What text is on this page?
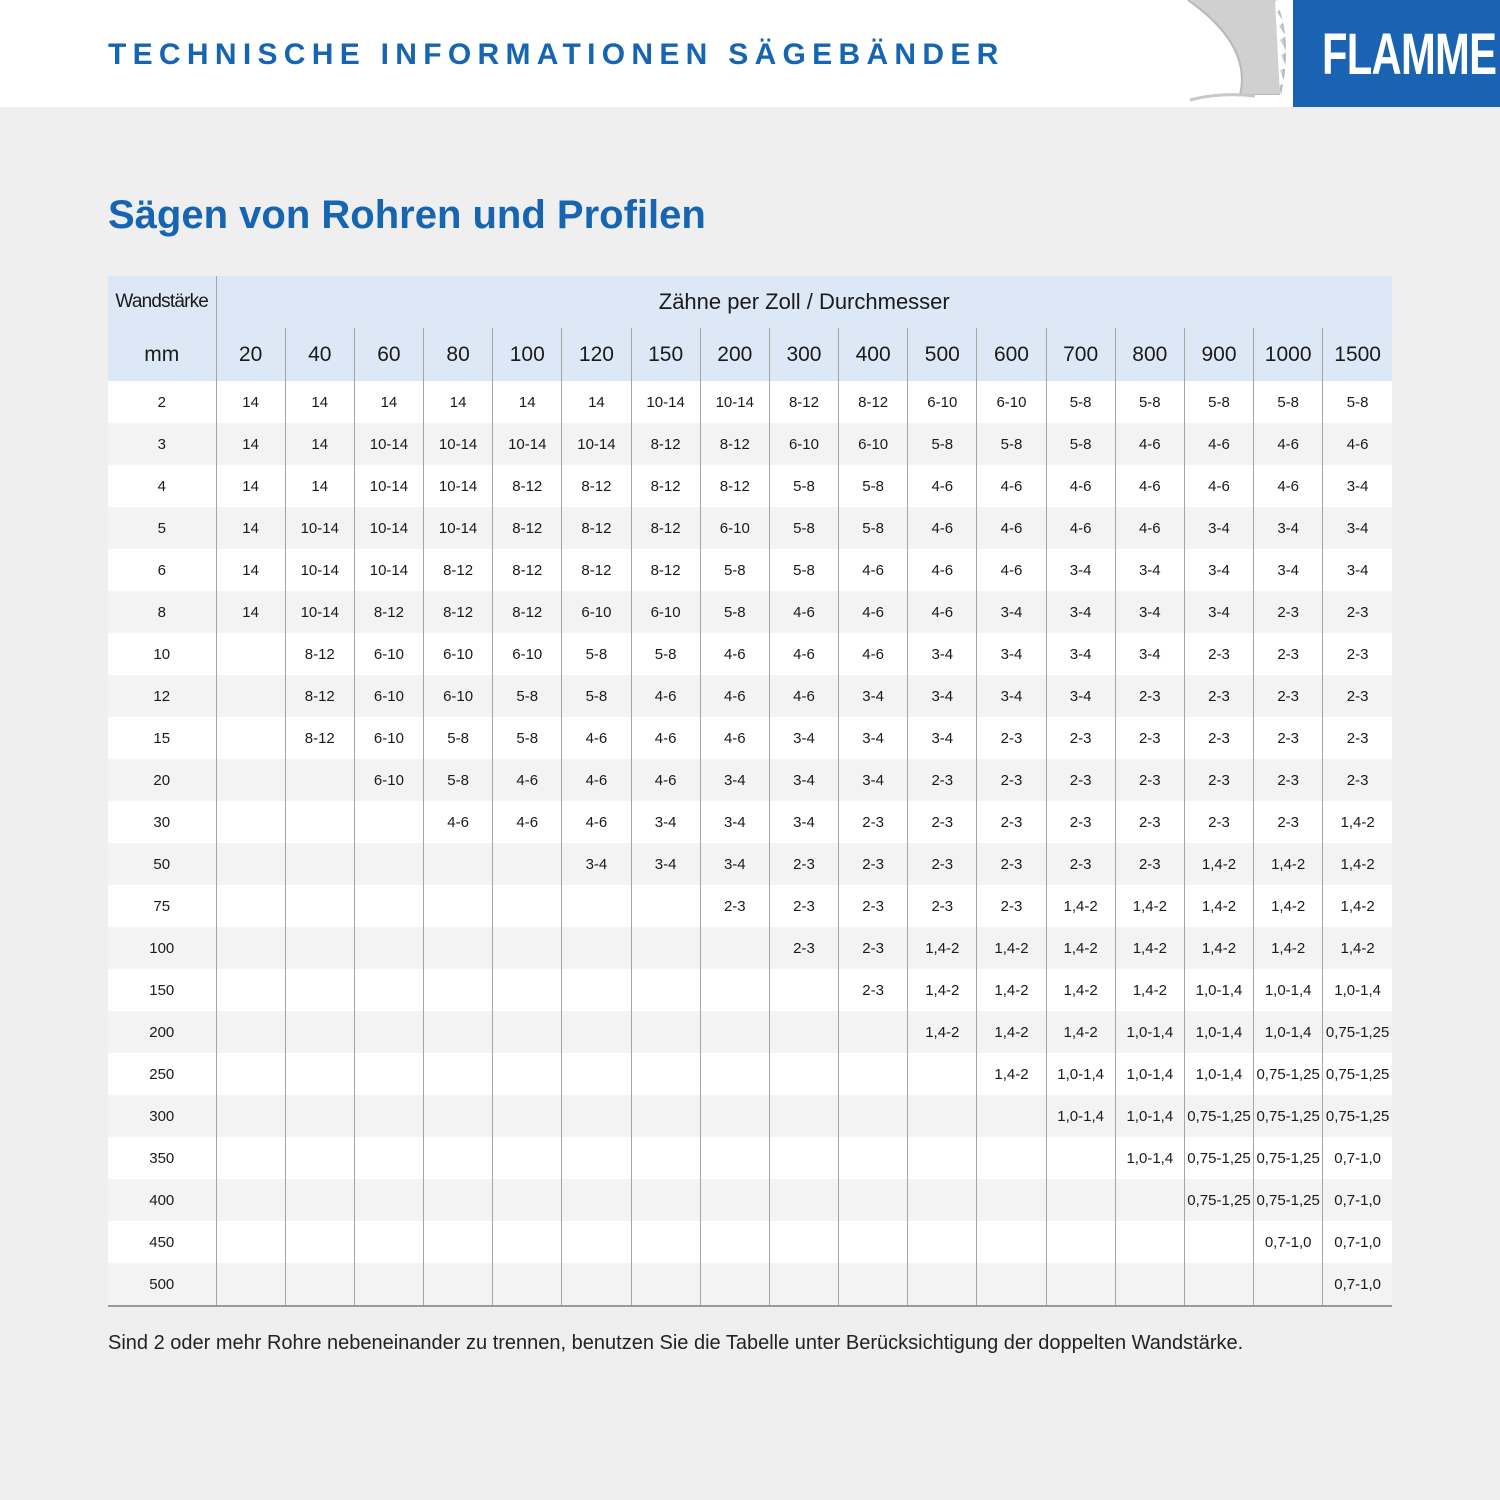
TECHNISCHE INFORMATIONEN SÄGEBÄNDER	FLAMME
Sägen von Rohren und Profilen
Wandstärke	Zähne per Zoll / Durchmesser																
mm	20	40	60	80	100	120	150	200	300	400	500	600	700	800	900	1000	1500
2	14	14	14	14	14	14	10-14	10-14	8-12	8-12	6-10	6-10	5-8	5-8	5-8	5-8	5-8
3	14	14	10-14	10-14	10-14	10-14	8-12	8-12	6-10	6-10	5-8	5-8	5-8	4-6	4-6	4-6	4-6
4	14	14	10-14	10-14	8-12	8-12	8-12	8-12	5-8	5-8	4-6	4-6	4-6	4-6	4-6	4-6	3-4
5	14	10-14	10-14	10-14	8-12	8-12	8-12	6-10	5-8	5-8	4-6	4-6	4-6	4-6	3-4	3-4	3-4
6	14	10-14	10-14	8-12	8-12	8-12	8-12	5-8	5-8	4-6	4-6	4-6	3-4	3-4	3-4	3-4	3-4
8	14	10-14	8-12	8-12	8-12	6-10	6-10	5-8	4-6	4-6	4-6	3-4	3-4	3-4	3-4	2-3	2-3
10		8-12	6-10	6-10	6-10	5-8	5-8	4-6	4-6	4-6	3-4	3-4	3-4	3-4	2-3	2-3	2-3
12		8-12	6-10	6-10	5-8	5-8	4-6	4-6	4-6	3-4	3-4	3-4	3-4	2-3	2-3	2-3	2-3
15		8-12	6-10	5-8	5-8	4-6	4-6	4-6	3-4	3-4	3-4	2-3	2-3	2-3	2-3	2-3	2-3
20			6-10	5-8	4-6	4-6	4-6	3-4	3-4	3-4	2-3	2-3	2-3	2-3	2-3	2-3	2-3
30				4-6	4-6	4-6	3-4	3-4	3-4	2-3	2-3	2-3	2-3	2-3	2-3	2-3	1,4-2
50						3-4	3-4	3-4	2-3	2-3	2-3	2-3	2-3	2-3	1,4-2	1,4-2	1,4-2
75								2-3	2-3	2-3	2-3	2-3	1,4-2	1,4-2	1,4-2	1,4-2	1,4-2
100									2-3	2-3	1,4-2	1,4-2	1,4-2	1,4-2	1,4-2	1,4-2	1,4-2
150										2-3	1,4-2	1,4-2	1,4-2	1,4-2	1,0-1,4	1,0-1,4	1,0-1,4
200											1,4-2	1,4-2	1,4-2	1,0-1,4	1,0-1,4	1,0-1,4	0,75-1,25
250												1,4-2	1,0-1,4	1,0-1,4	1,0-1,4	0,75-1,25	0,75-1,25
300													1,0-1,4	1,0-1,4	0,75-1,25	0,75-1,25	0,75-1,25
350														1,0-1,4	0,75-1,25	0,75-1,25	0,7-1,0
400															0,75-1,25	0,75-1,25	0,7-1,0
450																0,7-1,0	0,7-1,0
500																	0,7-1,0
Sind 2 oder mehr Rohre nebeneinander zu trennen, benutzen Sie die Tabelle unter Berücksichtigung der doppelten Wandstärke.
